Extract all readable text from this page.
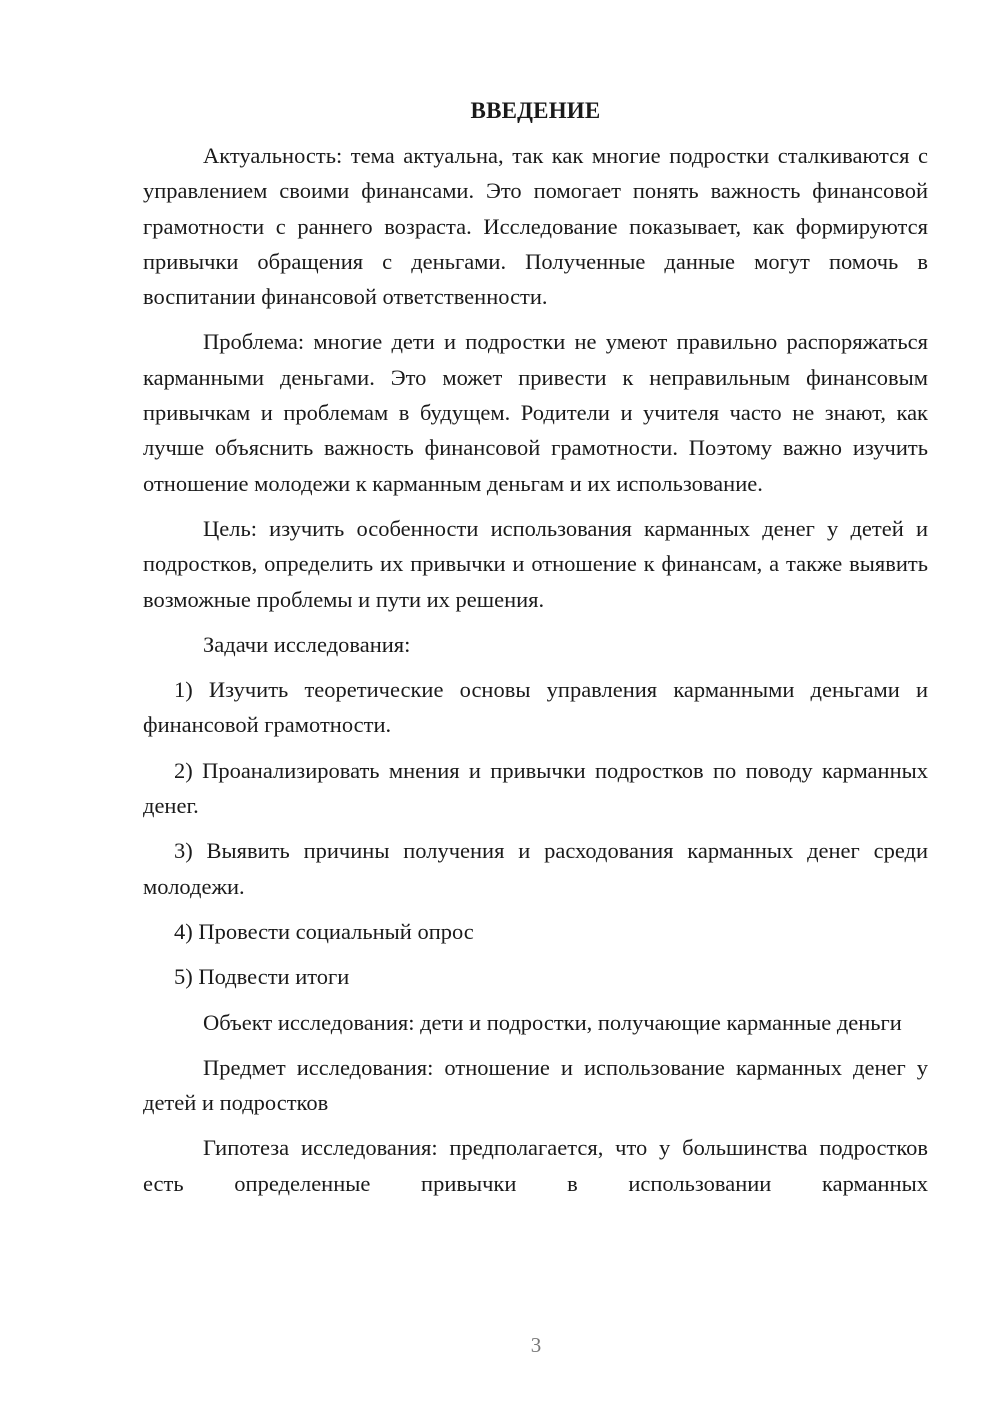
ВВЕДЕНИЕ

Актуальность: тема актуальна, так как многие подростки сталкиваются с управлением своими финансами. Это помогает понять важность финансовой грамотности с раннего возраста. Исследование показывает, как формируются привычки обращения с деньгами. Полученные данные могут помочь в воспитании финансовой ответственности.

Проблема: многие дети и подростки не умеют правильно распоряжаться карманными деньгами. Это может привести к неправильным финансовым привычкам и проблемам в будущем. Родители и учителя часто не знают, как лучше объяснить важность финансовой грамотности. Поэтому важно изучить отношение молодежи к карманным деньгам и их использование.

Цель: изучить особенности использования карманных денег у детей и подростков, определить их привычки и отношение к финансам, а также выявить возможные проблемы и пути их решения.

Задачи исследования:

1) Изучить теоретические основы управления карманными деньгами и финансовой грамотности.

2) Проанализировать мнения и привычки подростков по поводу карманных денег.

3) Выявить причины получения и расходования карманных денег среди молодежи.

4) Провести социальный опрос

5) Подвести итоги

Объект исследования: дети и подростки, получающие карманные деньги

Предмет исследования: отношение и использование карманных денег у детей и подростков

Гипотеза исследования: предполагается, что у большинства подростков есть определенные привычки в использовании карманных

3
